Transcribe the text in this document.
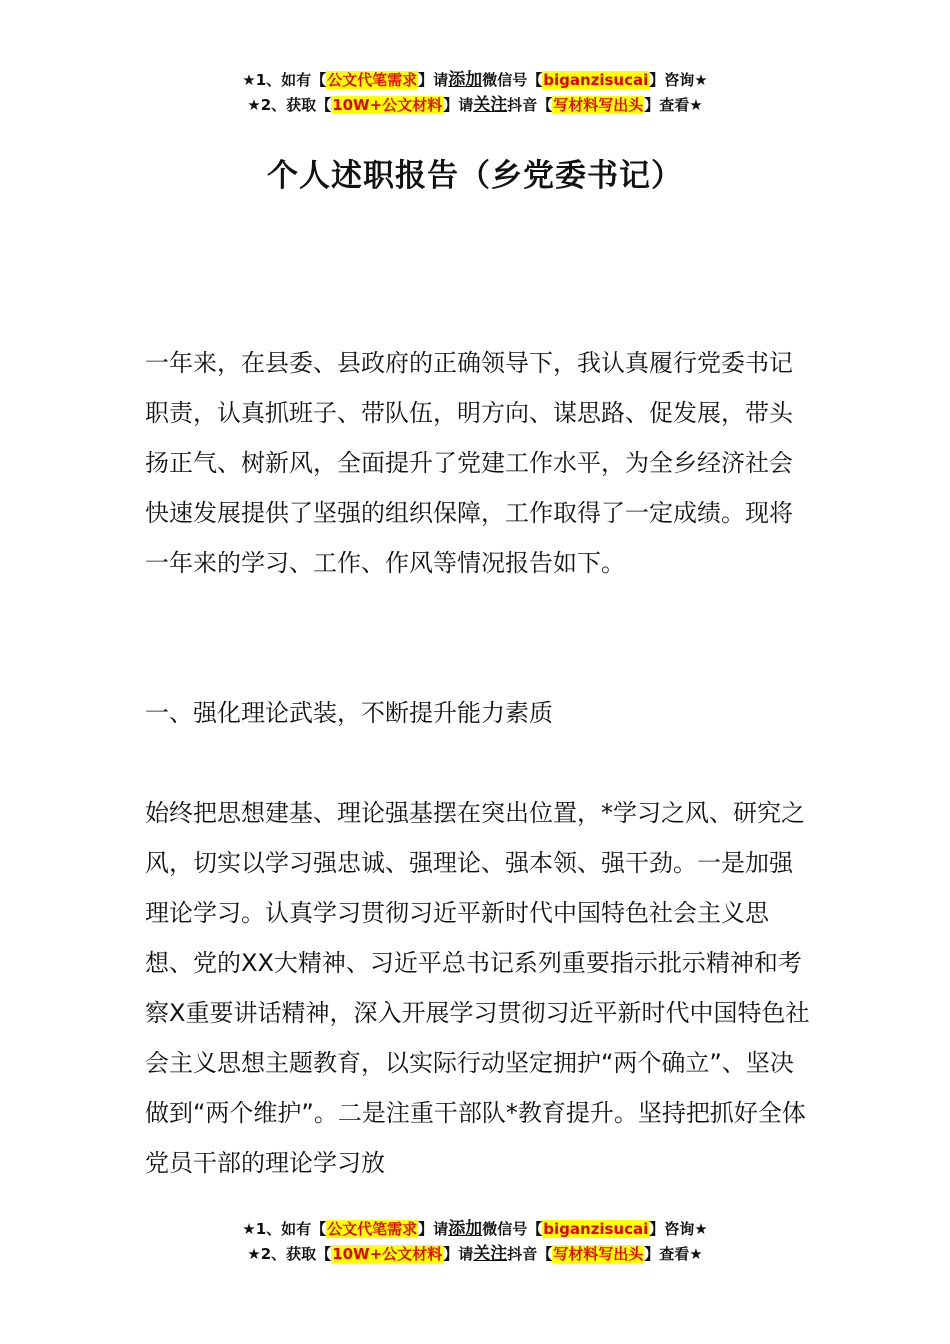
★1、如有【公文代笔需求】请添加微信号【biganzisucai】咨询★
★2、获取【10W+公文材料】请关注抖音【写材料写出头】查看★
个人述职报告（乡党委书记）

一年来，在县委、县政府的正确领导下，我认真履行党委书记职责，认真抓班子、带队伍，明方向、谋思路、促发展，带头扬正气、树新风，全面提升了党建工作水平，为全乡经济社会快速发展提供了坚强的组织保障，工作取得了一定成绩。现将一年来的学习、工作、作风等情况报告如下。

一、强化理论武装，不断提升能力素质

始终把思想建基、理论强基摆在突出位置，*学习之风、研究之风，切实以学习强忠诚、强理论、强本领、强干劲。一是加强理论学习。认真学习贯彻习近平新时代中国特色社会主义思想、党的XX大精神、习近平总书记系列重要指示批示精神和考察X重要讲话精神，深入开展学习贯彻习近平新时代中国特色社会主义思想主题教育，以实际行动坚定拥护“两个确立”、坚决做到“两个维护”。二是注重干部队*教育提升。坚持把抓好全体党员干部的理论学习放

★1、如有【公文代笔需求】请添加微信号【biganzisucai】咨询★
★2、获取【10W+公文材料】请关注抖音【写材料写出头】查看★
